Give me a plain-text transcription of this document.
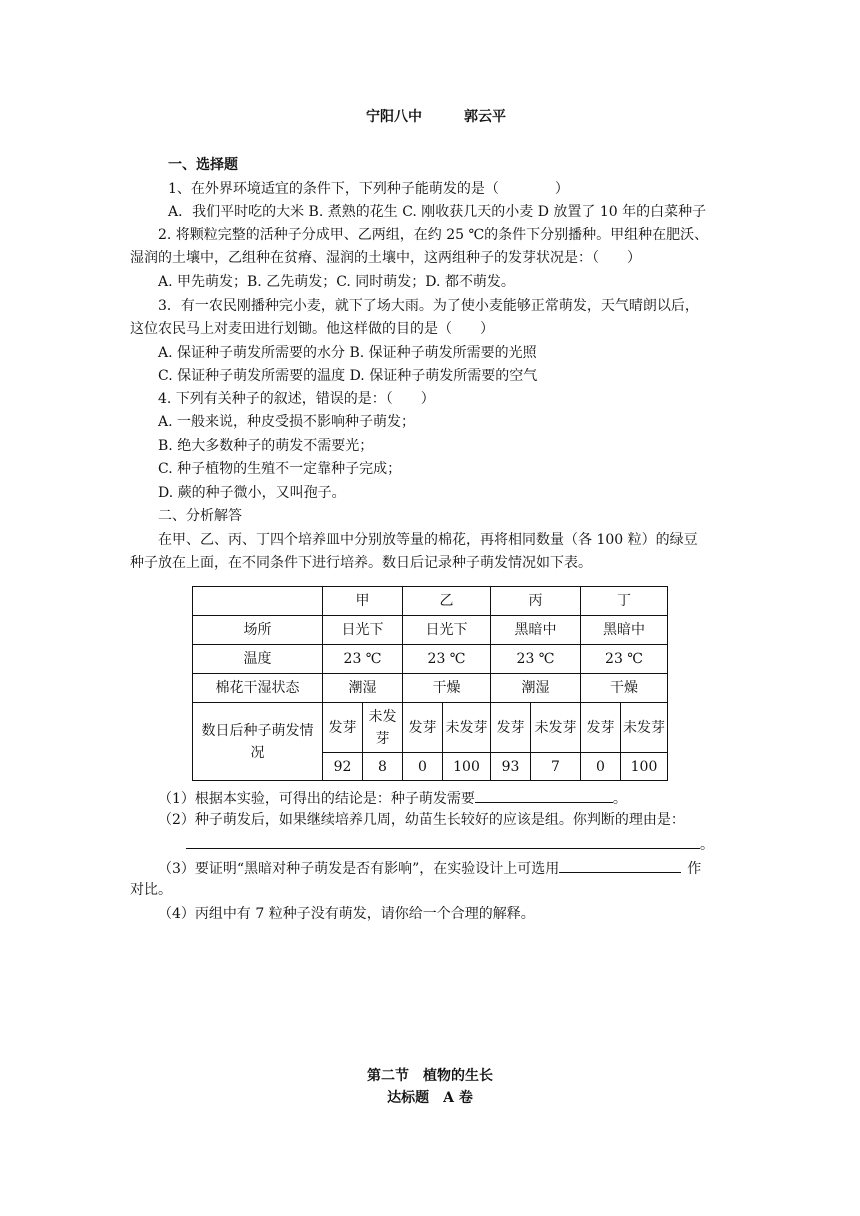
宁阳八中	郭云平
一、选择题
1、在外界环境适宜的条件下，下列种子能萌发的是（　　　　）
A．我们平时吃的大米 B. 煮熟的花生 C. 刚收获几天的小麦 D 放置了 10 年的白菜种子
2. 将颗粒完整的活种子分成甲、乙两组，在约 25 ℃的条件下分别播种。甲组种在肥沃、
湿润的土壤中，乙组种在贫瘠、湿润的土壤中，这两组种子的发芽状况是：（　　）
A. 甲先萌发；B. 乙先萌发；C. 同时萌发；D. 都不萌发。
3．有一农民刚播种完小麦，就下了场大雨。为了使小麦能够正常萌发，天气晴朗以后，
这位农民马上对麦田进行划锄。他这样做的目的是（　　）
A. 保证种子萌发所需要的水分 B. 保证种子萌发所需要的光照
C. 保证种子萌发所需要的温度 D. 保证种子萌发所需要的空气
4. 下列有关种子的叙述，错误的是：（　　）
A. 一般来说，种皮受损不影响种子萌发；
B. 绝大多数种子的萌发不需要光；
C. 种子植物的生殖不一定靠种子完成；
D. 蕨的种子微小，又叫孢子。
二、分析解答
在甲、乙、丙、丁四个培养皿中分别放等量的棉花，再将相同数量（各 100 粒）的绿豆
种子放在上面，在不同条件下进行培养。数日后记录种子萌发情况如下表。
	甲		乙		丙		丁	
场所	日光下		日光下		黑暗中		黑暗中	
温度	23 ℃		23 ℃		23 ℃		23 ℃	
棉花干湿状态	潮湿		干燥		潮湿		干燥	
数日后种子萌发情况	发芽	未发芽	发芽	未发芽	发芽	未发芽	发芽	未发芽
	92	8	0	100	93	7	0	100
（1）根据本实验，可得出的结论是：种子萌发需要	。
（2）种子萌发后，如果继续培养几周，幼苗生长较好的应该是组。你判断的理由是：
。
（3）要证明“黑暗对种子萌发是否有影响”，在实验设计上可选用	作
对比。
（4）丙组中有 7 粒种子没有萌发，请你给一个合理的解释。
第二节　植物的生长
达标题　A 卷
